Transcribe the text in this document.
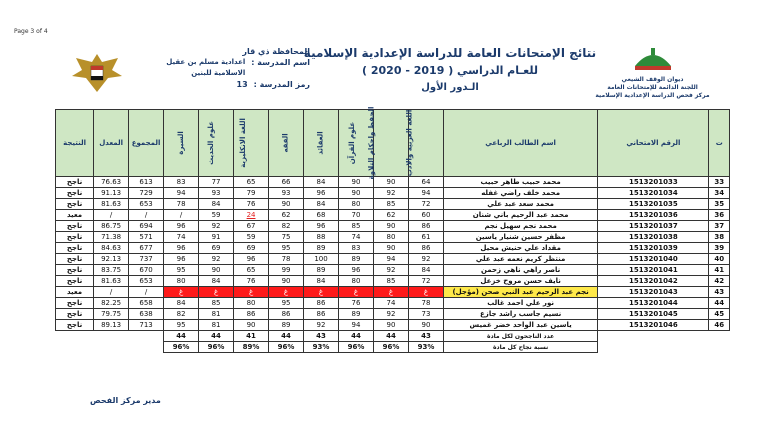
Page 3 of 4
ديوان الوقف الشيعي
اللجنة الدائمة للإمتحانات العامة
مركز فحص الدراسة الإعدادية الإسلامية
نتائج الإمتحانات العامة للدراسة الإعدادية الإسلامية
للعـام الدراسي ( 2019 - 2020 )
الـدور الأول
المحافظة ذي قار
اسم المدرسة :
اعدادية مسلم بن عقيل الاسلامية للبنين
رمز المدرسة :
13
ت	الرقم الامتحاني	اسم الطالب الرباعي	اللغة العربية والادب	الحفظ واحكام التلاوة	علوم القرآن	العقائد	الفقه	اللغة الانكليزية	علوم الحديث	السيرة	المجموع	المعدل	النتيجة
33	1513201033	محمد حبيب طاهر حبيب	64	90	90	84	66	65	77	83	613	76.63	ناجح
34	1513201034	محمد خلف راضي غفله	94	92	90	96	93	79	93	94	729	91.13	ناجح
35	1513201035	محمد سعد عبد علي	72	85	80	84	90	76	84	78	653	81.63	ناجح
36	1513201036	محمد عبد الرحيم باني شنان	60	62	70	68	62	24	59	/	/	/	معيد
37	1513201037	محمد نجم سهيل نجم	86	90	85	96	82	67	92	96	694	86.75	ناجح
38	1513201038	مظفر حسين شنيار ياسين	61	80	74	88	75	59	91	74	571	71.38	ناجح
39	1513201039	مقداد علي حنيش محيل	86	90	83	89	95	69	69	96	677	84.63	ناجح
40	1513201040	منتظر كريم نعمه عبد علي	92	94	89	100	78	96	92	96	737	92.13	ناجح
41	1513201041	ناصر راهي ناهي زحمن	84	92	96	89	99	65	90	95	670	83.75	ناجح
42	1513201042	نايف حسن مروح خزعل	72	85	80	84	90	76	84	80	653	81.63	ناجح
43	1513201043	نجم عبد الرحيم عبد النبي صحن (مؤجل)	غ	غ	غ	غ	غ	غ	غ	غ	/	/	معيد
44	1513201044	نور علي احمد غالب	78	74	76	86	95	80	85	84	658	82.25	ناجح
45	1513201045	نسيم جاسب راشد جازع	73	92	89	86	86	86	81	82	638	79.75	ناجح
46	1513201046	ياسين عبد الواحد خضر غميس	90	90	94	92	89	90	81	95	713	89.13	ناجح
		عدد الناجحون لكل مادة	43	44	44	43	44	41	44	44			
		نسبة نجاح كل مادة	93%	96%	96%	93%	96%	89%	96%	96%			
مدير مركز الفحص
